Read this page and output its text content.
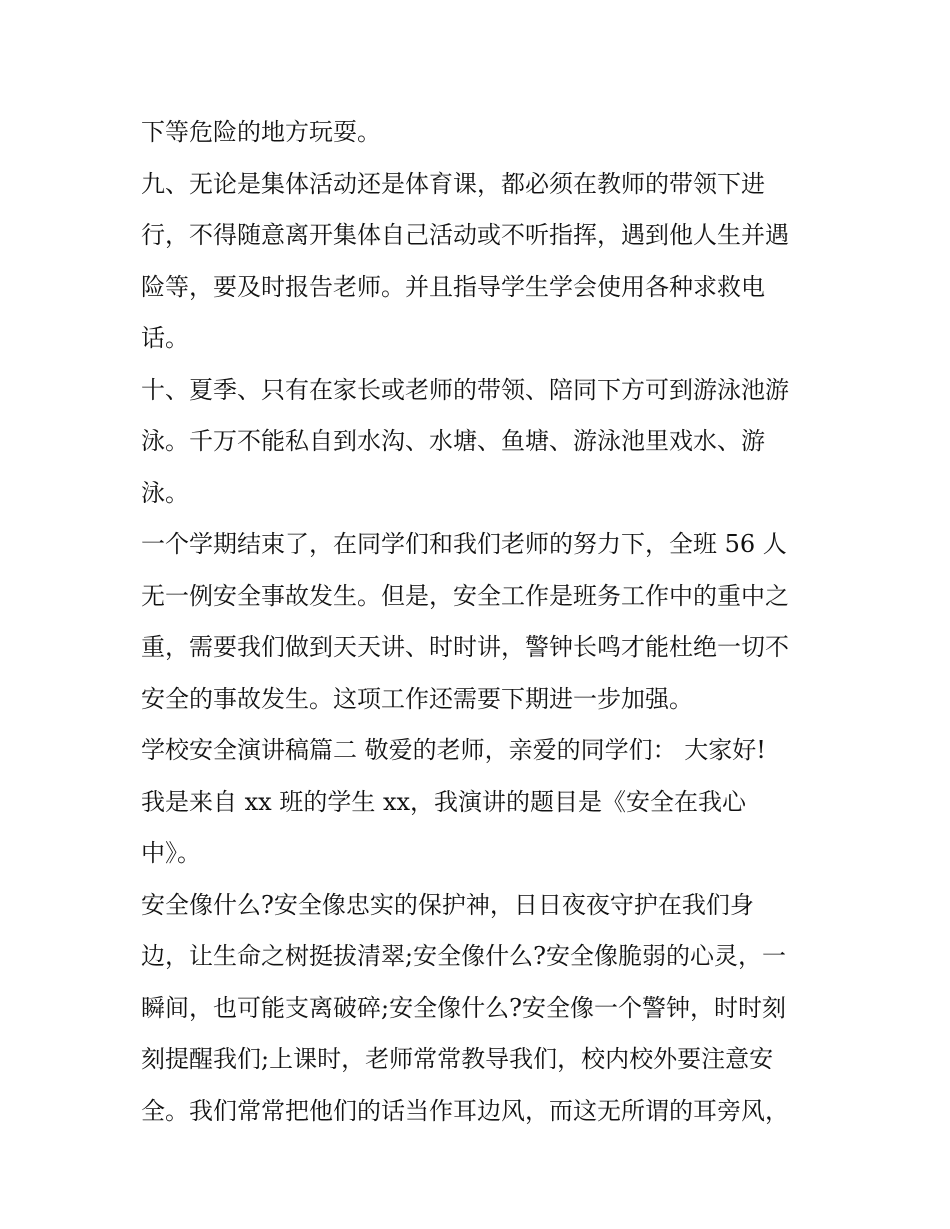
下等危险的地方玩耍。
九、无论是集体活动还是体育课，都必须在教师的带领下进
行，不得随意离开集体自己活动或不听指挥，遇到他人生并遇
险等，要及时报告老师。并且指导学生学会使用各种求救电
话。
十、夏季、只有在家长或老师的带领、陪同下方可到游泳池游
泳。千万不能私自到水沟、水塘、鱼塘、游泳池里戏水、游
泳。
一个学期结束了，在同学们和我们老师的努力下，全班 56 人
无一例安全事故发生。但是，安全工作是班务工作中的重中之
重，需要我们做到天天讲、时时讲，警钟长鸣才能杜绝一切不
安全的事故发生。这项工作还需要下期进一步加强。
学校安全演讲稿篇二 敬爱的老师，亲爱的同学们： 大家好!
我是来自 xx 班的学生 xx，我演讲的题目是《安全在我心
中》。
安全像什么?安全像忠实的保护神，日日夜夜守护在我们身
边，让生命之树挺拔清翠;安全像什么?安全像脆弱的心灵，一
瞬间，也可能支离破碎;安全像什么?安全像一个警钟，时时刻
刻提醒我们;上课时，老师常常教导我们，校内校外要注意安
全。我们常常把他们的话当作耳边风，而这无所谓的耳旁风，
